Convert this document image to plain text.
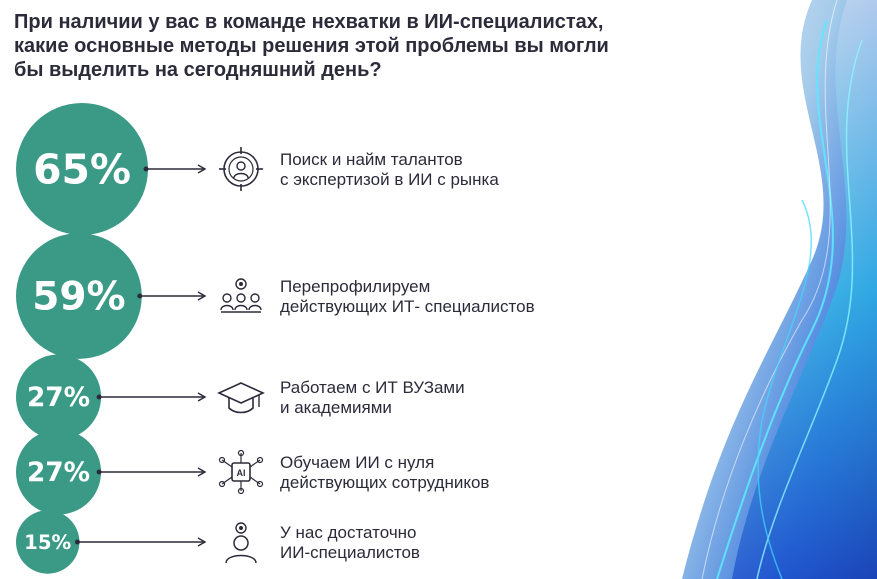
При наличии у вас в команде нехватки в ИИ-специалистах,
какие основные методы решения этой проблемы вы могли
бы выделить на сегодняшний день?
65%	Поиск и найм талантов
с экспертизой в ИИ с рынка
59%	Перепрофилируем
действующих ИТ- специалистов
27%	Работаем с ИТ ВУЗами
и академиями
27%	AI
Обучаем ИИ с нуля
действующих сотрудников
15%	У нас достаточно
ИИ-специалистов
